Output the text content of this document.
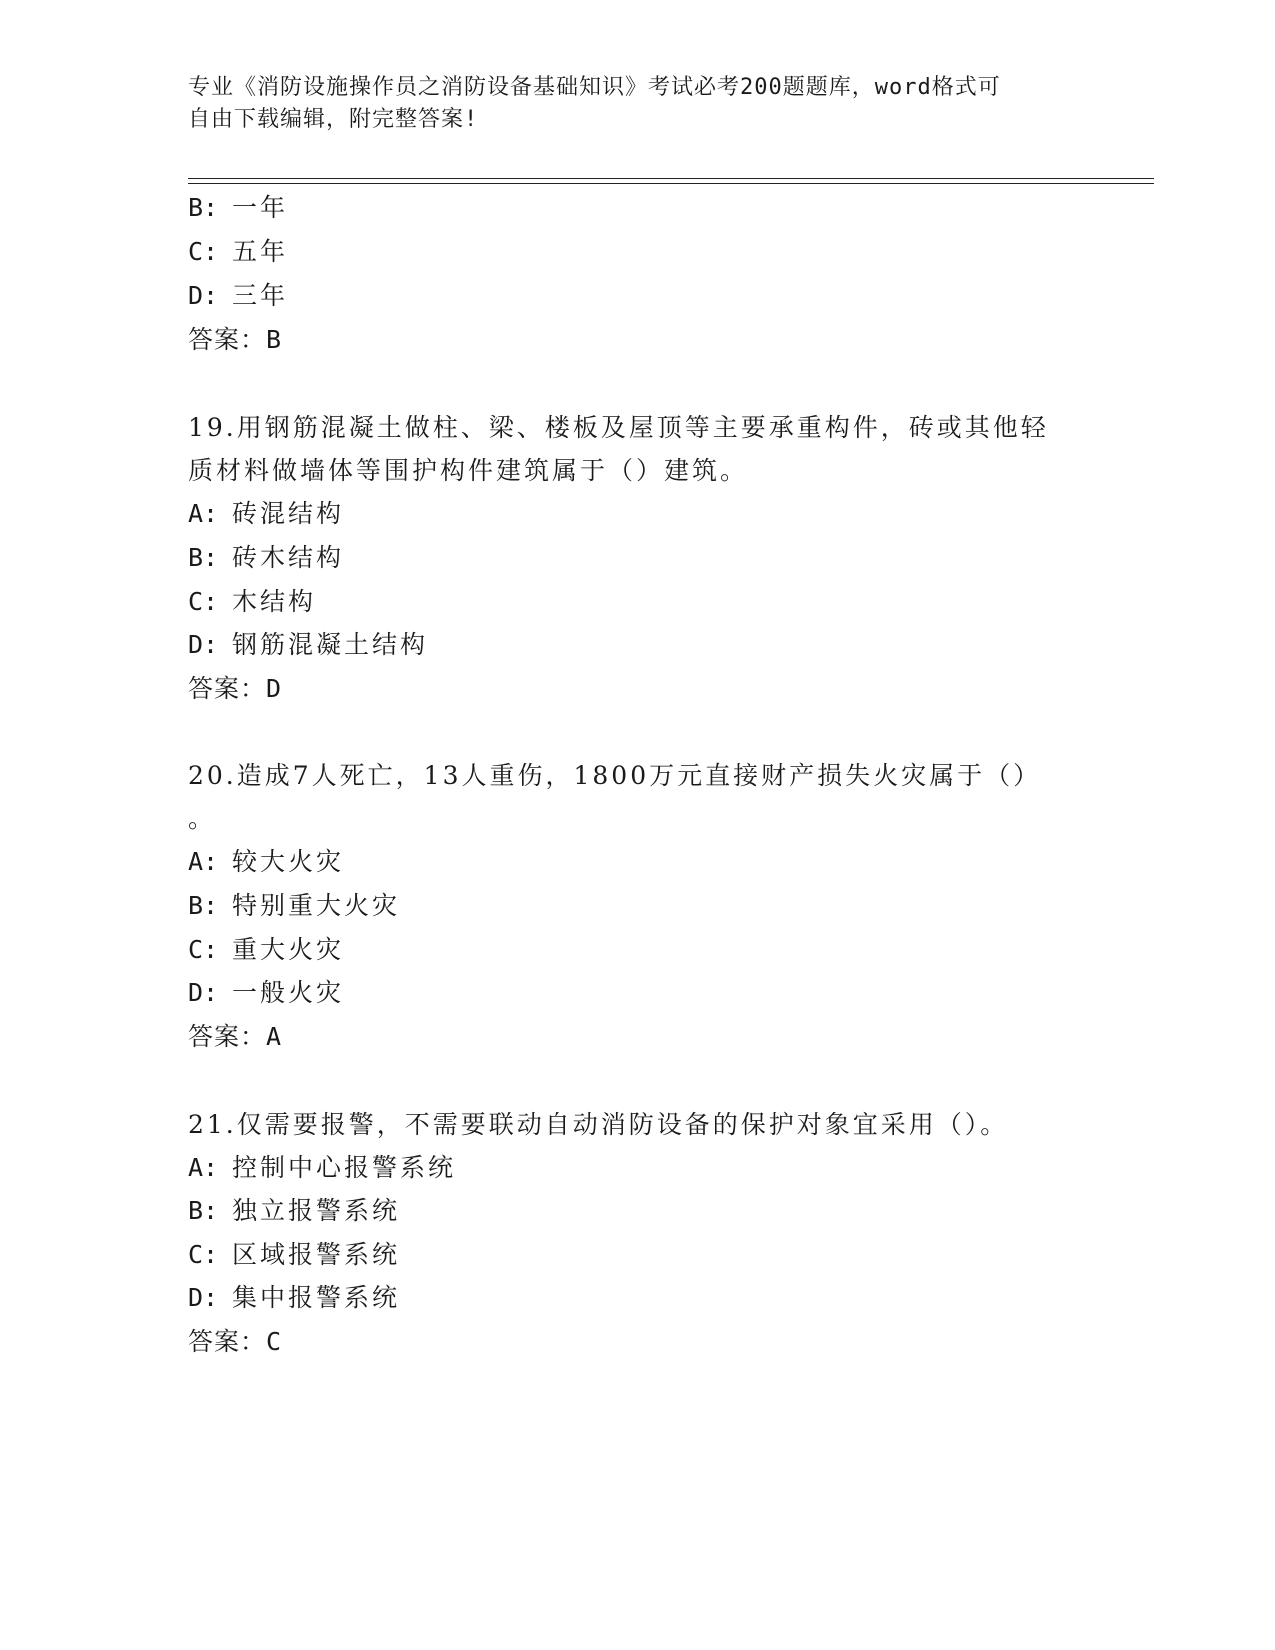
专业《消防设施操作员之消防设备基础知识》考试必考200题题库，word格式可
自由下载编辑，附完整答案!
B: 一年
C: 五年
D: 三年
答案：B
19.用钢筋混凝土做柱、梁、楼板及屋顶等主要承重构件，砖或其他轻
质材料做墙体等围护构件建筑属于（）建筑。
A: 砖混结构
B: 砖木结构
C: 木结构
D: 钢筋混凝土结构
答案：D
20.造成7人死亡，13人重伤，1800万元直接财产损失火灾属于（）
。
A: 较大火灾
B: 特别重大火灾
C: 重大火灾
D: 一般火灾
答案：A
21.仅需要报警，不需要联动自动消防设备的保护对象宜采用（）。
A: 控制中心报警系统
B: 独立报警系统
C: 区域报警系统
D: 集中报警系统
答案：C
